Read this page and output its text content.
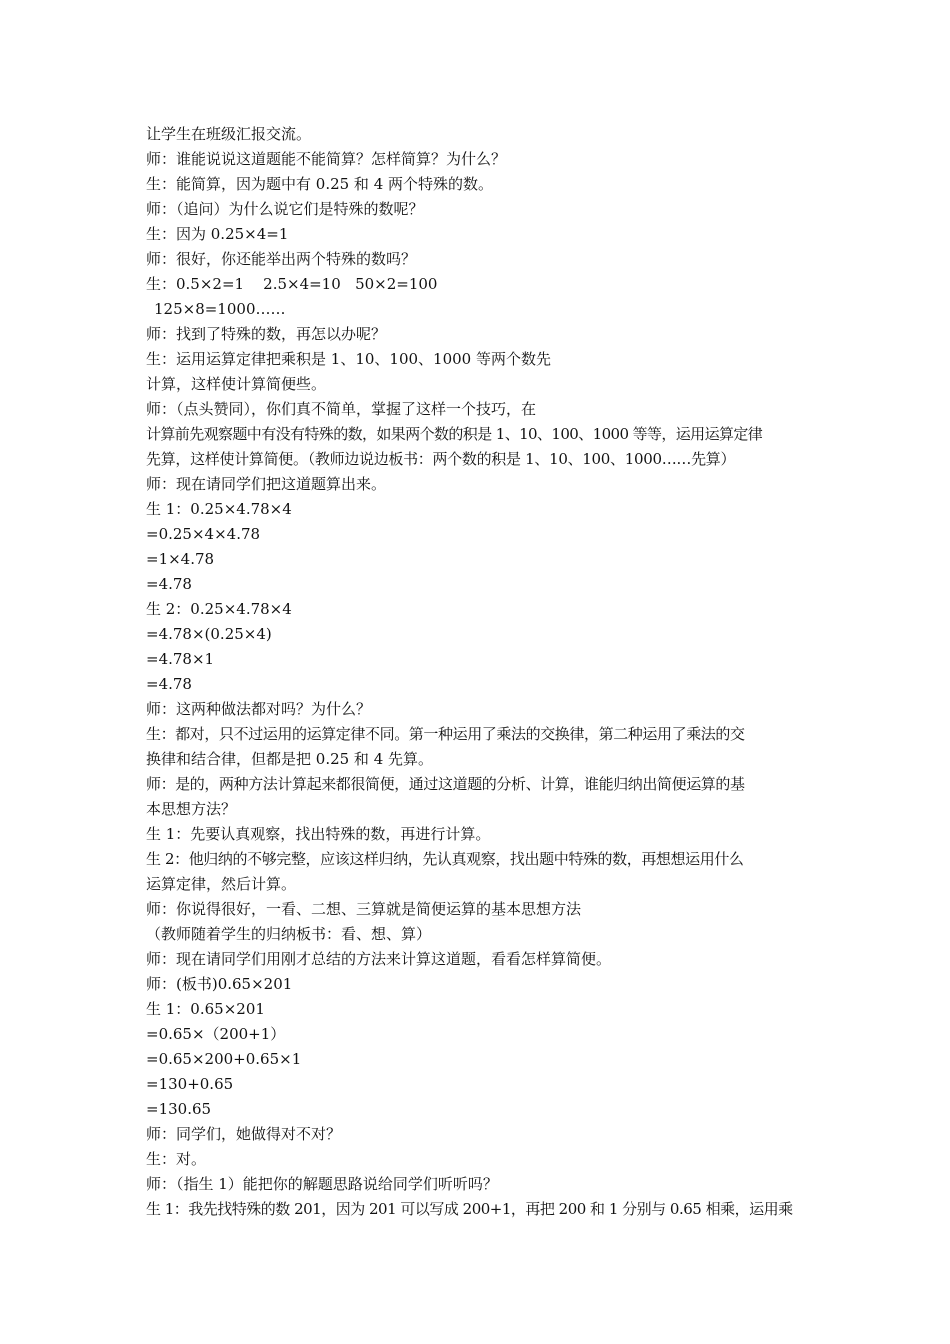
让学生在班级汇报交流。
师：谁能说说这道题能不能简算？怎样简算？为什么？
生：能简算，因为题中有 0.25 和 4 两个特殊的数。
师：（追问）为什么说它们是特殊的数呢？
生：因为 0.25×4=1
师：很好，你还能举出两个特殊的数吗？
生：0.5×2=1    2.5×4=10   50×2=100
125×8=1000……
师：找到了特殊的数，再怎以办呢？
生：运用运算定律把乘积是 1、10、100、1000 等两个数先
计算，这样使计算简便些。
师：（点头赞同），你们真不简单，掌握了这样一个技巧，在
计算前先观察题中有没有特殊的数，如果两个数的积是 1、10、100、1000 等等，运用运算定律
先算，这样使计算简便。（教师边说边板书：两个数的积是 1、10、100、1000……先算）
师：现在请同学们把这道题算出来。
生 1：0.25×4.78×4
=0.25×4×4.78
=1×4.78
=4.78
生 2：0.25×4.78×4
=4.78×(0.25×4)
=4.78×1
=4.78
师：这两种做法都对吗？为什么？
生：都对，只不过运用的运算定律不同。第一种运用了乘法的交换律，第二种运用了乘法的交
换律和结合律，但都是把 0.25 和 4 先算。
师：是的，两种方法计算起来都很简便，通过这道题的分析、计算，谁能归纳出简便运算的基
本思想方法？
生 1：先要认真观察，找出特殊的数，再进行计算。
生 2：他归纳的不够完整，应该这样归纳，先认真观察，找出题中特殊的数，再想想运用什么
运算定律，然后计算。
师：你说得很好，一看、二想、三算就是简便运算的基本思想方法
（教师随着学生的归纳板书：看、想、算）
师：现在请同学们用刚才总结的方法来计算这道题，看看怎样算简便。
师：(板书)0.65×201
生 1：0.65×201
=0.65×（200+1）
=0.65×200+0.65×1
=130+0.65
=130.65
师：同学们，她做得对不对？
生：对。
师：（指生 1）能把你的解题思路说给同学们听听吗？
生 1：我先找特殊的数 201，因为 201 可以写成 200+1，再把 200 和 1 分别与 0.65 相乘，运用乘
